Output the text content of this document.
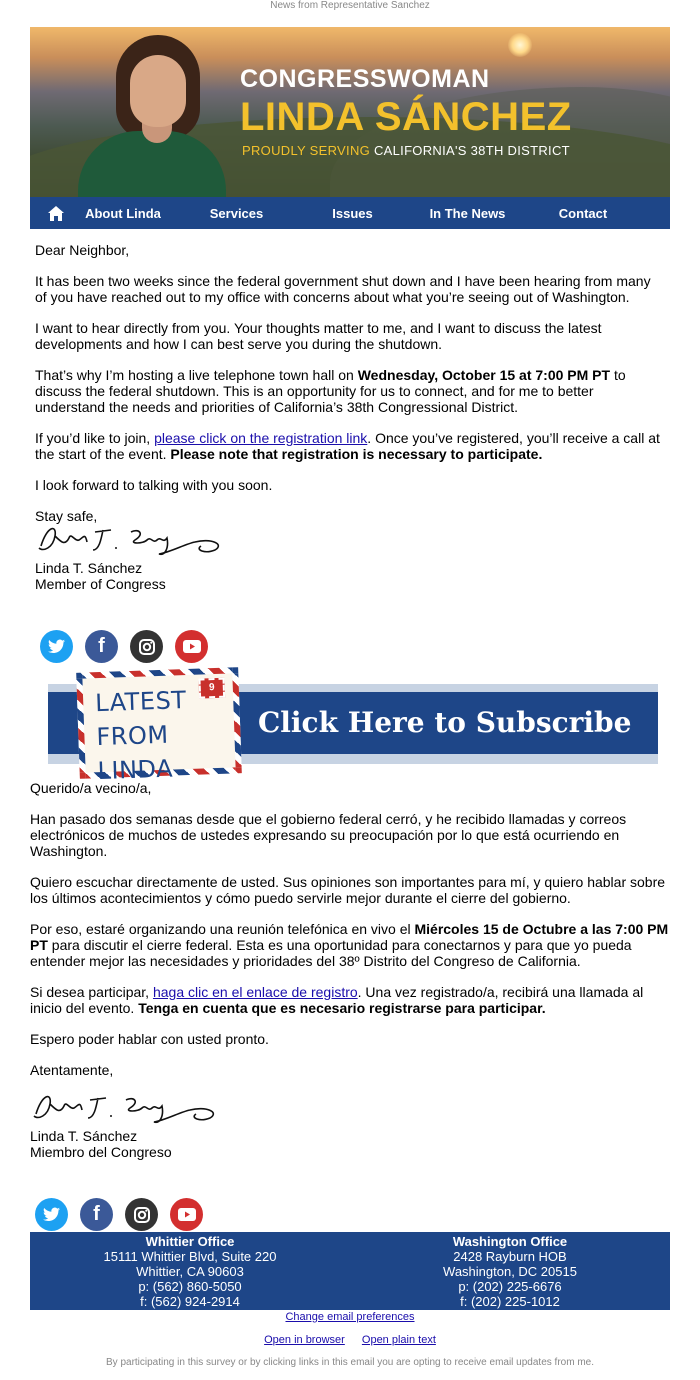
News from Representative Sanchez
CONGRESSWOMAN
LINDA SÁNCHEZ
PROUDLY SERVING CALIFORNIA'S 38TH DISTRICT
About Linda	Services	Issues	In The News	Contact

Dear Neighbor,

It has been two weeks since the federal government shut down and I have been hearing from many of you have reached out to my office with concerns about what you’re seeing out of Washington.

I want to hear directly from you. Your thoughts matter to me, and I want to discuss the latest developments and how I can best serve you during the shutdown.

That’s why I’m hosting a live telephone town hall on Wednesday, October 15 at 7:00 PM PT to discuss the federal shutdown. This is an opportunity for us to connect, and for me to better understand the needs and priorities of California’s 38th Congressional District.

If you’d like to join, please click on the registration link. Once you’ve registered, you’ll receive a call at the start of the event. Please note that registration is necessary to participate.

I look forward to talking with you soon.

Stay safe,
Linda T. Sánchez
Member of Congress
f
Click Here to Subscribe
9
LATEST
FROM LINDA

Querido/a vecino/a,

Han pasado dos semanas desde que el gobierno federal cerró, y he recibido llamadas y correos electrónicos de muchos de ustedes expresando su preocupación por lo que está ocurriendo en Washington.

Quiero escuchar directamente de usted. Sus opiniones son importantes para mí, y quiero hablar sobre los últimos acontecimientos y cómo puedo servirle mejor durante el cierre del gobierno.

Por eso, estaré organizando una reunión telefónica en vivo el Miércoles 15 de Octubre a las 7:00 PM PT para discutir el cierre federal. Esta es una oportunidad para conectarnos y para que yo pueda entender mejor las necesidades y prioridades del 38º Distrito del Congreso de California.

Si desea participar, haga clic en el enlace de registro. Una vez registrado/a, recibirá una llamada al inicio del evento. Tenga en cuenta que es necesario registrarse para participar.

Espero poder hablar con usted pronto.

Atentamente,
Linda T. Sánchez
Miembro del Congreso
f
Whittier Office
15111 Whittier Blvd, Suite 220
Whittier, CA 90603
p: (562) 860-5050
f: (562) 924-2914
Washington Office
2428 Rayburn HOB
Washington, DC 20515
p: (202) 225-6676
f: (202) 225-1012
Change email preferences
Open in browser Open plain text
By participating in this survey or by clicking links in this email you are opting to receive email updates from me.
